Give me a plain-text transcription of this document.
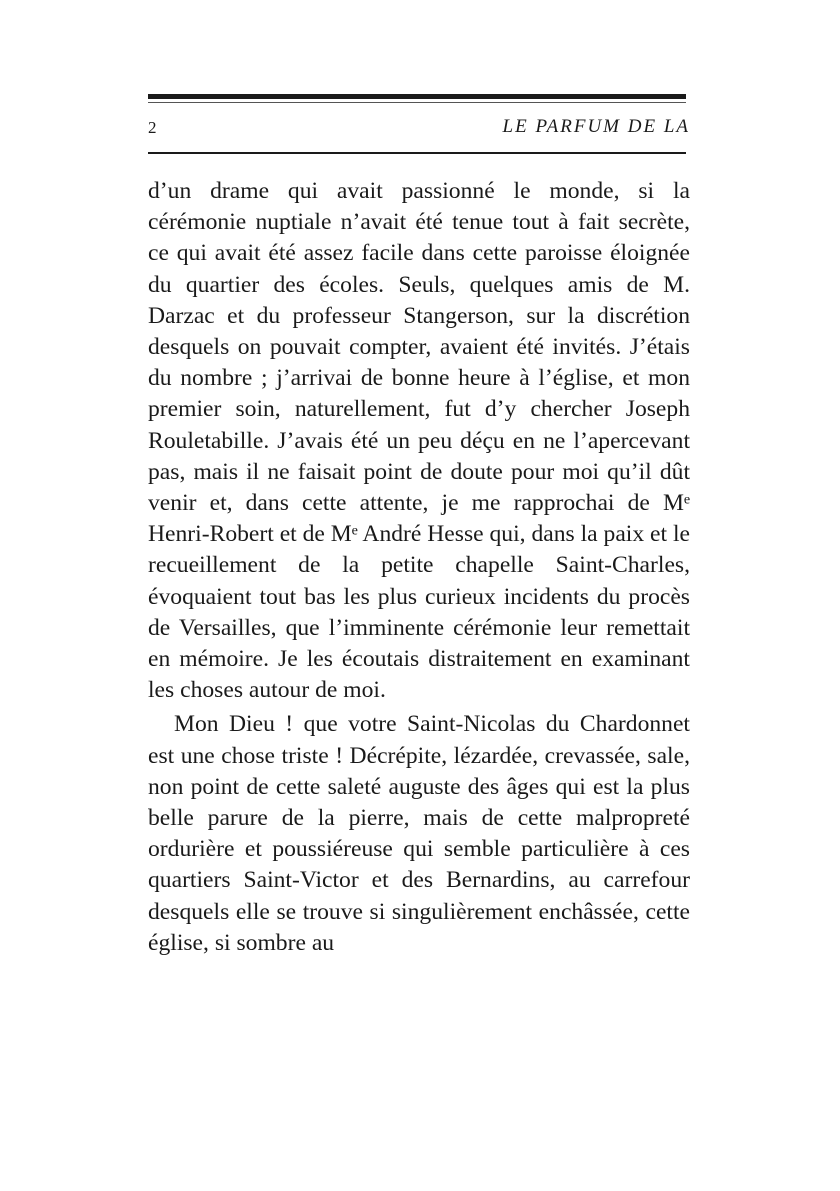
2	LE PARFUM DE LA

d’un drame qui avait passionné le monde, si la cérémonie nuptiale n’avait été tenue tout à fait secrète, ce qui avait été assez facile dans cette paroisse éloignée du quartier des écoles. Seuls, quelques amis de M. Darzac et du professeur Stangerson, sur la discrétion desquels on pouvait compter, avaient été invités. J’étais du nombre ; j’arrivai de bonne heure à l’église, et mon premier soin, naturellement, fut d’y chercher Joseph Rouletabille. J’avais été un peu déçu en ne l’apercevant pas, mais il ne faisait point de doute pour moi qu’il dût venir et, dans cette attente, je me rapprochai de Mᵉ Henri-Robert et de Mᵉ André Hesse qui, dans la paix et le recueillement de la petite chapelle Saint-Charles, évoquaient tout bas les plus curieux incidents du procès de Versailles, que l’imminente cérémonie leur remettait en mémoire. Je les écoutais distraitement en examinant les choses autour de moi.

Mon Dieu ! que votre Saint-Nicolas du Chardonnet est une chose triste ! Décrépite, lézardée, crevassée, sale, non point de cette saleté auguste des âges qui est la plus belle parure de la pierre, mais de cette malpropreté ordurière et poussiéreuse qui semble particulière à ces quartiers Saint-Victor et des Bernardins, au carrefour desquels elle se trouve si singulièrement enchâssée, cette église, si sombre au
